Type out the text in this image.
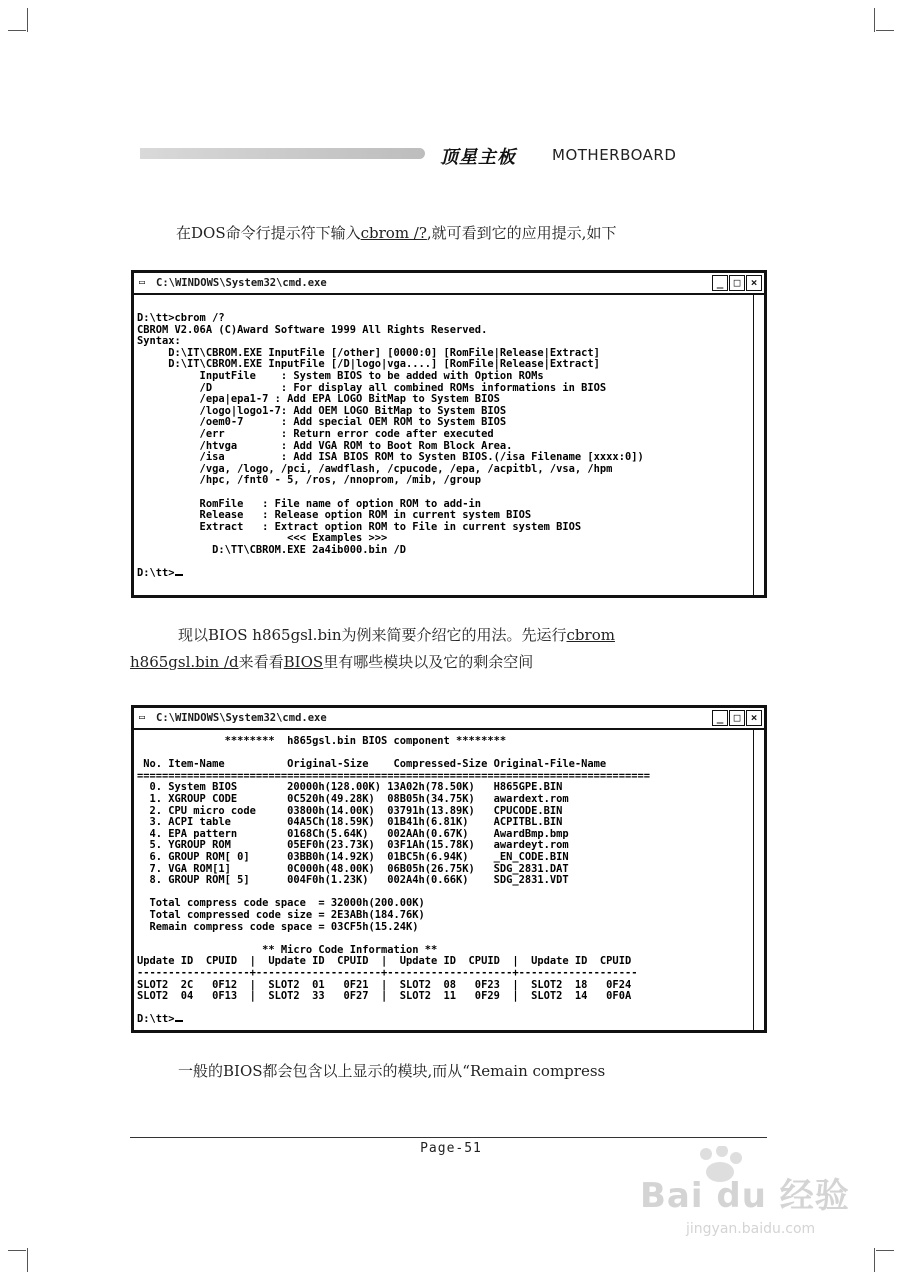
顶星主板 MOTHERBOARD
在DOS命令行提示符下输入cbrom /?,就可看到它的应用提示,如下
▭ C:\WINDOWS\System32\cmd.exe	_ □ ×

D:\tt>cbrom /?
CBROM V2.06A (C)Award Software 1999 All Rights Reserved.
Syntax:
D:\IT\CBROM.EXE InputFile [/other] [0000:0] [RomFile|Release|Extract]
D:\IT\CBROM.EXE InputFile [/D|logo|vga....] [RomFile|Release|Extract]
InputFile    : System BIOS to be added with Option ROMs
/D           : For display all combined ROMs informations in BIOS
/epa|epa1-7 : Add EPA LOGO BitMap to System BIOS
/logo|logo1-7: Add OEM LOGO BitMap to System BIOS
/oem0-7      : Add special OEM ROM to System BIOS
/err         : Return error code after executed
/htvga       : Add VGA ROM to Boot Rom Block Area.
/isa         : Add ISA BIOS ROM to Systen BIOS.(/isa Filename [xxxx:0])
/vga, /logo, /pci, /awdflash, /cpucode, /epa, /acpitbl, /vsa, /hpm
/hpc, /fnt0 - 5, /ros, /nnoprom, /mib, /group
RomFile   : File name of option ROM to add-in
Release   : Release option ROM in current system BIOS
Extract   : Extract option ROM to File in current system BIOS
<<< Examples >>>
D:\TT\CBROM.EXE 2a4ib000.bin /D
D:\tt>

现以BIOS h865gsl.bin为例来简要介绍它的用法。先运行cbrom
h865gsl.bin /d来看看BIOS里有哪些模块以及它的剩余空间
▭ C:\WINDOWS\System32\cmd.exe	_ □ ×

********  h865gsl.bin BIOS component ********
No. Item-Name          Original-Size    Compressed-Size Original-File-Name
==================================================================================
0. System BIOS        20000h(128.00K) 13A02h(78.50K)   H865GPE.BIN
1. XGROUP CODE        0C520h(49.28K)  08B05h(34.75K)   awardext.rom
2. CPU micro code     03800h(14.00K)  03791h(13.89K)   CPUCODE.BIN
3. ACPI table         04A5Ch(18.59K)  01B41h(6.81K)    ACPITBL.BIN
4. EPA pattern        0168Ch(5.64K)   002AAh(0.67K)    AwardBmp.bmp
5. YGROUP ROM         05EF0h(23.73K)  03F1Ah(15.78K)   awardeyt.rom
6. GROUP ROM[ 0]      03BB0h(14.92K)  01BC5h(6.94K)    _EN_CODE.BIN
7. VGA ROM[1]         0C000h(48.00K)  06B05h(26.75K)   SDG_2831.DAT
8. GROUP ROM[ 5]      004F0h(1.23K)   002A4h(0.66K)    SDG_2831.VDT
Total compress code space  = 32000h(200.00K)
Total compressed code size = 2E3ABh(184.76K)
Remain compress code space = 03CF5h(15.24K)
** Micro Code Information **
Update ID  CPUID  |  Update ID  CPUID  |  Update ID  CPUID  |  Update ID  CPUID
------------------+--------------------+--------------------+-------------------
SLOT2  2C   0F12  |  SLOT2  01   0F21  |  SLOT2  08   0F23  |  SLOT2  18   0F24
SLOT2  04   0F13  |  SLOT2  33   0F27  |  SLOT2  11   0F29  |  SLOT2  14   0F0A
D:\tt>

一般的BIOS都会包含以上显示的模块,而从“Remain compress
Page-51
Bai du 经验
jingyan.baidu.com
